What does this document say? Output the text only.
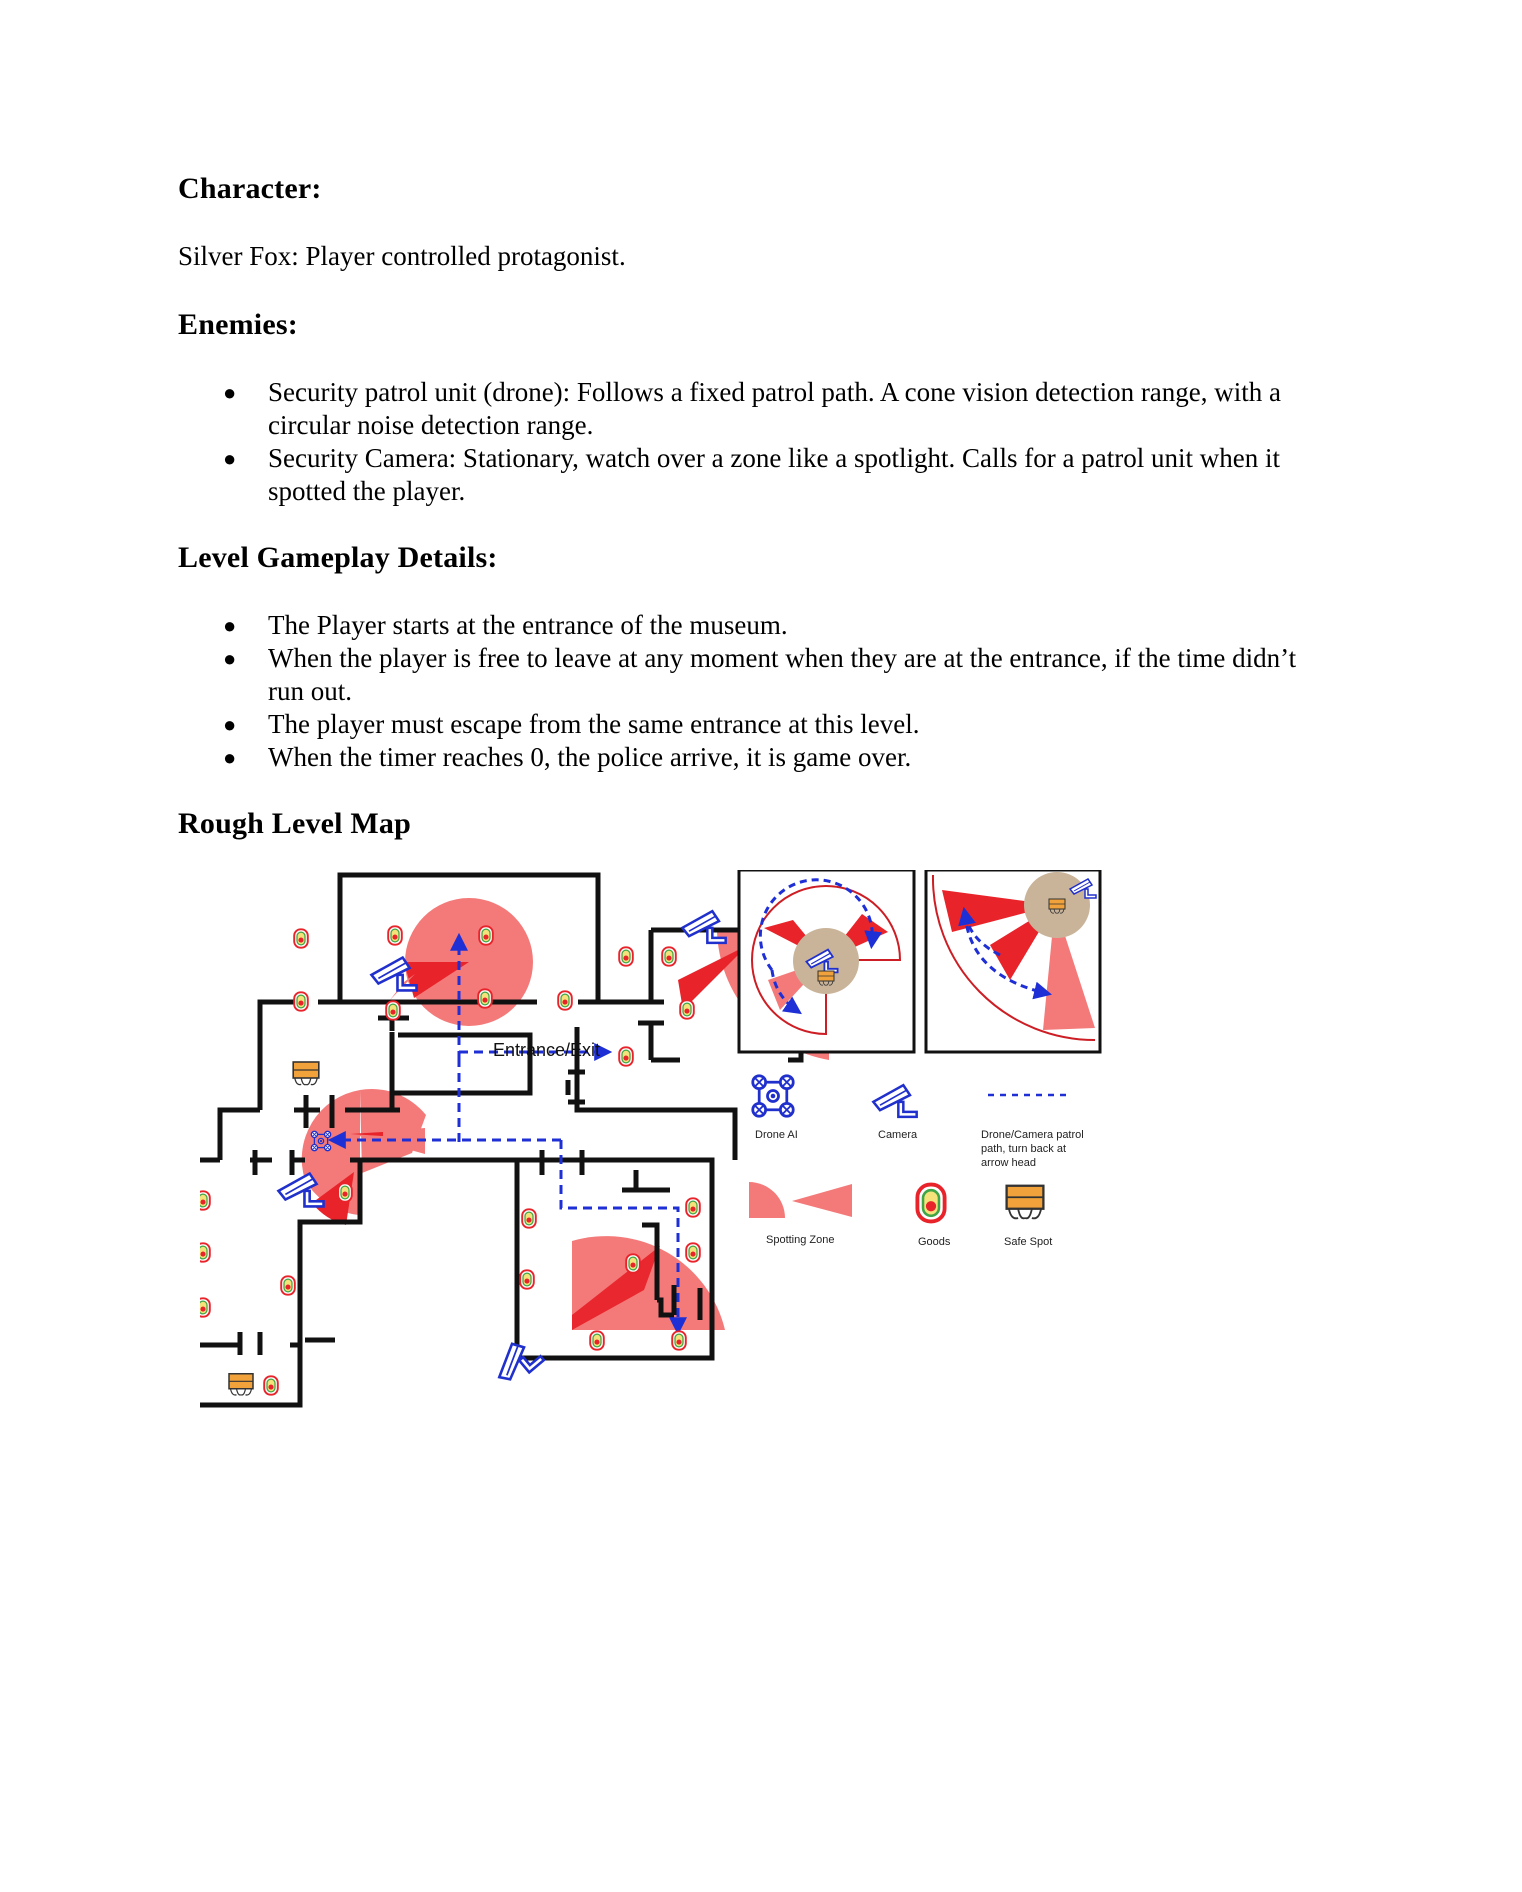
Character:

Silver Fox: Player controlled protagonist.

Enemies:
● Security patrol unit (drone): Follows a fixed patrol path. A cone vision detection range, with a circular noise detection range.
● Security Camera: Stationary, watch over a zone like a spotlight. Calls for a patrol unit when it spotted the player.
Level Gameplay Details:
● The Player starts at the entrance of the museum.
● When the player is free to leave at any moment when they are at the entrance, if the time didn’t run out.
● The player must escape from the same entrance at this level.
● When the timer reaches 0, the police arrive, it is game over.
Rough Level Map
Entrance/Exit
Drone AI	Camera	Drone/Camera patrol
path, turn back at
arrow head
Spotting Zone	Goods	Safe Spot
